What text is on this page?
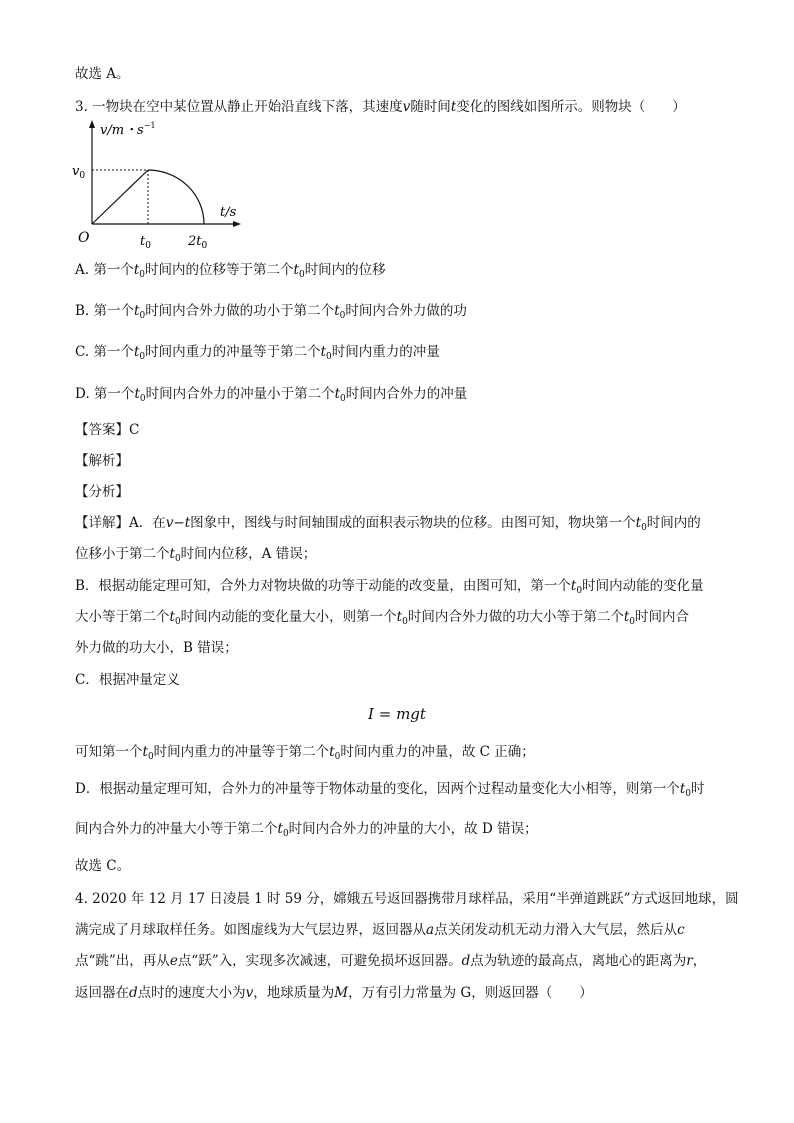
故选 A。
3. 一物块在空中某位置从静止开始沿直线下落，其速度v随时间t变化的图线如图所示。则物块（　　）
v/m・$s^{-1}$
$v_0$
t/s
O	$t_0$	$2t_0$
A. 第一个$t_0$时间内的位移等于第二个$t_0$时间内的位移
B. 第一个$t_0$时间内合外力做的功小于第二个$t_0$时间内合外力做的功
C. 第一个$t_0$时间内重力的冲量等于第二个$t_0$时间内重力的冲量
D. 第一个$t_0$时间内合外力的冲量小于第二个$t_0$时间内合外力的冲量
【答案】C
【解析】
【分析】
【详解】A．在v−t图象中，图线与时间轴围成的面积表示物块的位移。由图可知，物块第一个$t_0$时间内的
位移小于第二个$t_0$时间内位移，A 错误；
B．根据动能定理可知，合外力对物块做的功等于动能的改变量，由图可知，第一个$t_0$时间内动能的变化量
大小等于第二个$t_0$时间内动能的变化量大小，则第一个$t_0$时间内合外力做的功大小等于第二个$t_0$时间内合
外力做的功大小，B 错误；
C．根据冲量定义
I = mgt
可知第一个$t_0$时间内重力的冲量等于第二个$t_0$时间内重力的冲量，故 C 正确；
D．根据动量定理可知，合外力的冲量等于物体动量的变化，因两个过程动量变化大小相等，则第一个$t_0$时
间内合外力的冲量大小等于第二个$t_0$时间内合外力的冲量的大小，故 D 错误；
故选 C。
4. 2020 年 12 月 17 日凌晨 1 时 59 分，嫦娥五号返回器携带月球样品，采用“半弹道跳跃”方式返回地球，圆
满完成了月球取样任务。如图虚线为大气层边界，返回器从a点关闭发动机无动力滑入大气层，然后从c
点“跳”出，再从e点“跃”入，实现多次减速，可避免损坏返回器。d点为轨迹的最高点，离地心的距离为r，
返回器在d点时的速度大小为v，地球质量为M，万有引力常量为 G，则返回器（　　）
